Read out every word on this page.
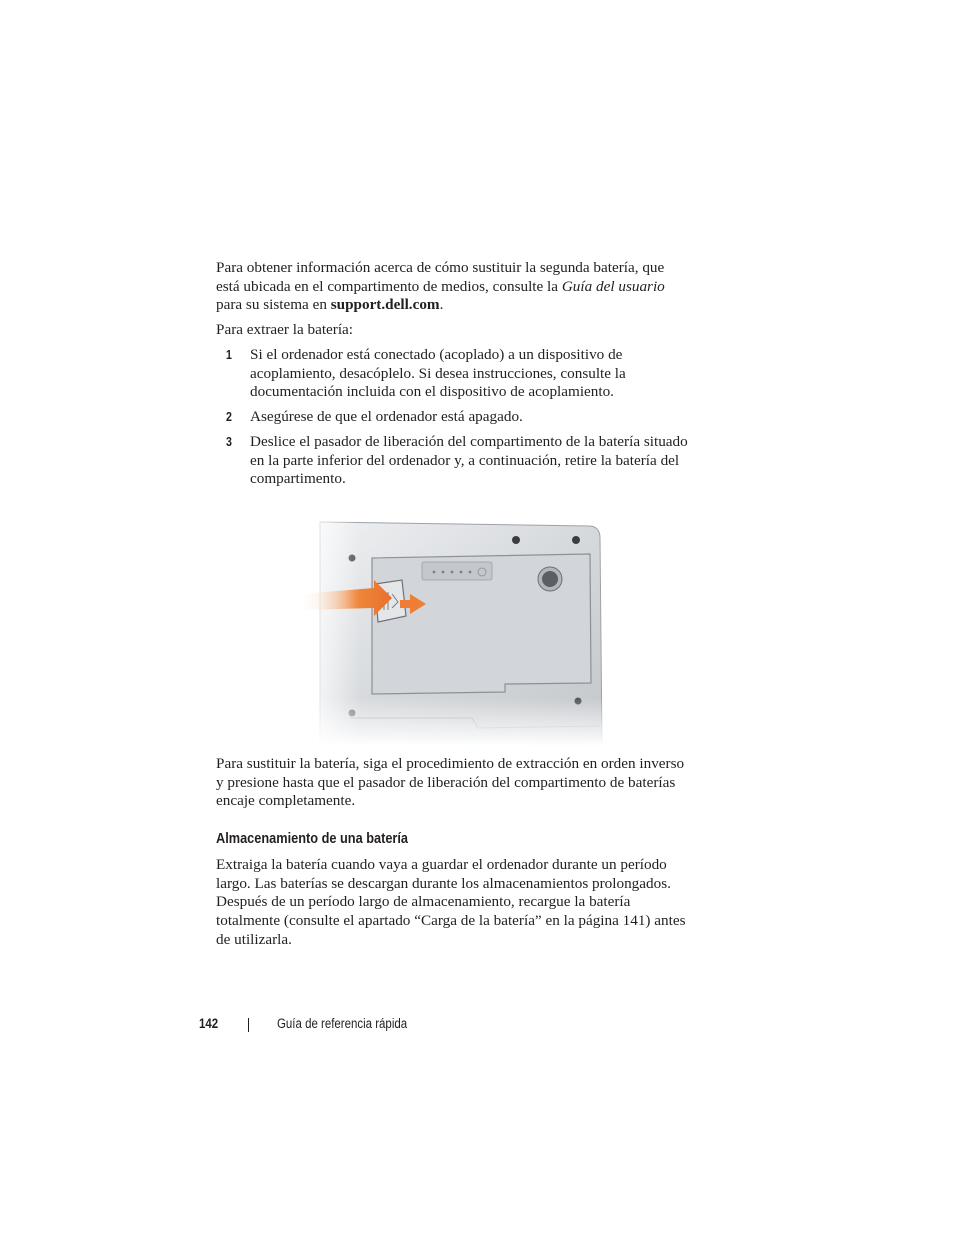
Para obtener información acerca de cómo sustituir la segunda batería, que
está ubicada en el compartimento de medios, consulte la Guía del usuario
para su sistema en support.dell.com.

Para extraer la batería:

1 Si el ordenador está conectado (acoplado) a un dispositivo de
acoplamiento, desacóplelo. Si desea instrucciones, consulte la
documentación incluida con el dispositivo de acoplamiento.
2 Asegúrese de que el ordenador está apagado.
3 Deslice el pasador de liberación del compartimento de la batería situado
en la parte inferior del ordenador y, a continuación, retire la batería del
compartimento.

Para sustituir la batería, siga el procedimiento de extracción en orden inverso
y presione hasta que el pasador de liberación del compartimento de baterías
encaje completamente.

Almacenamiento de una batería

Extraiga la batería cuando vaya a guardar el ordenador durante un período
largo. Las baterías se descargan durante los almacenamientos prolongados.
Después de un período largo de almacenamiento, recargue la batería
totalmente (consulte el apartado “Carga de la batería” en la página 141) antes
de utilizarla.

142	Guía de referencia rápida
